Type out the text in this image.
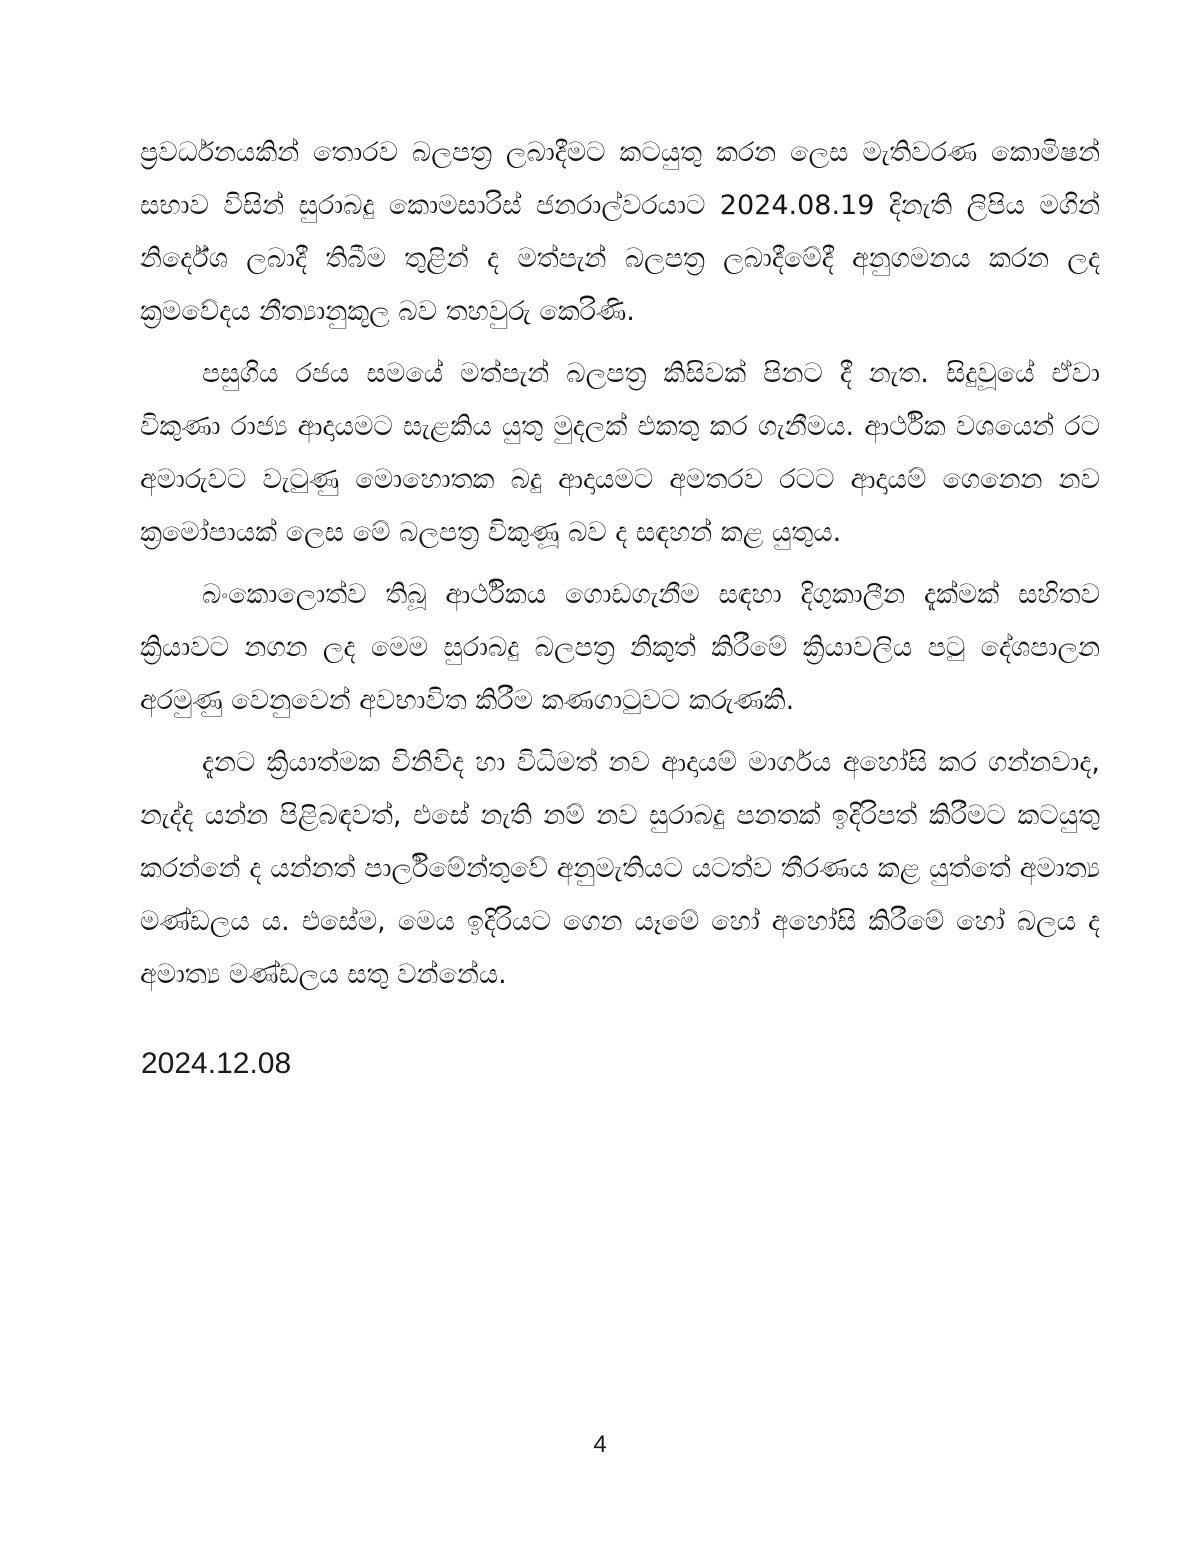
ප්‍රවර්ධනයකින් තොරව බලපත්‍ර ලබාදීමට කටයුතු කරන ලෙස මැතිවරණ කොමිෂන් සභාව විසින් සුරාබදු කොමසාරිස් ජනරාල්වරයාට 2024.08.19 දිනැති ලිපිය මගින් නිර්දේශ ලබාදී තිබීම තුළින් ද මත්පැන් බලපත්‍ර ලබාදීමේදී අනුගමනය කරන ලද ක්‍රමවේදය නීත්‍යානුකූල බව තහවුරු කෙරිණි.

පසුගිය රජය සමයේ මත්පැන් බලපත්‍ර කිසිවක් පිනට දී නැත. සිදුවූයේ ඒවා විකුණා රාජ්‍ය ආදායමට සැළකිය යුතු මුදලක් එකතු කර ගැනීමය. ආර්ථික වශයෙන් රට අමාරුවට වැටුණු මොහොතක බදු ආදායමට අමතරව රටට ආදායම් ගෙනෙන නව ක්‍රමෝපායක් ලෙස මේ බලපත්‍ර විකුණූ බව ද සඳහන් කළ යුතුය.

බංකොලොත්ව තිබූ ආර්ථිකය ගොඩගැනීම සඳහා දිගුකාලීන දැක්මක් සහිතව ක්‍රියාවට නගන ලද මෙම සුරාබදු බලපත්‍ර නිකුත් කිරීමේ ක්‍රියාවලිය පටු දේශපාලන අරමුණු වෙනුවෙන් අවභාවිත කිරීම කණගාටුවට කරුණකි.

දැනට ක්‍රියාත්මක විනිවිද හා විධිමත් නව ආදායම් මාර්ගය අහෝසි කර ගන්නවාද, නැද්ද යන්න පිළිබඳවත්, එසේ නැති නම් නව සුරාබදු පනතක් ඉදිරිපත් කිරීමට කටයුතු කරන්නේ ද යන්නත් පාර්ලිමේන්තුවේ අනුමැතියට යටත්ව තීරණය කළ යුත්තේ අමාත්‍ය මණ්ඩලය ය. එසේම, මෙය ඉදිරියට ගෙන යෑමේ හෝ අහෝසි කිරීමේ හෝ බලය ද අමාත්‍ය මණ්ඩලය සතු වන්නේය.

2024.12.08
4
